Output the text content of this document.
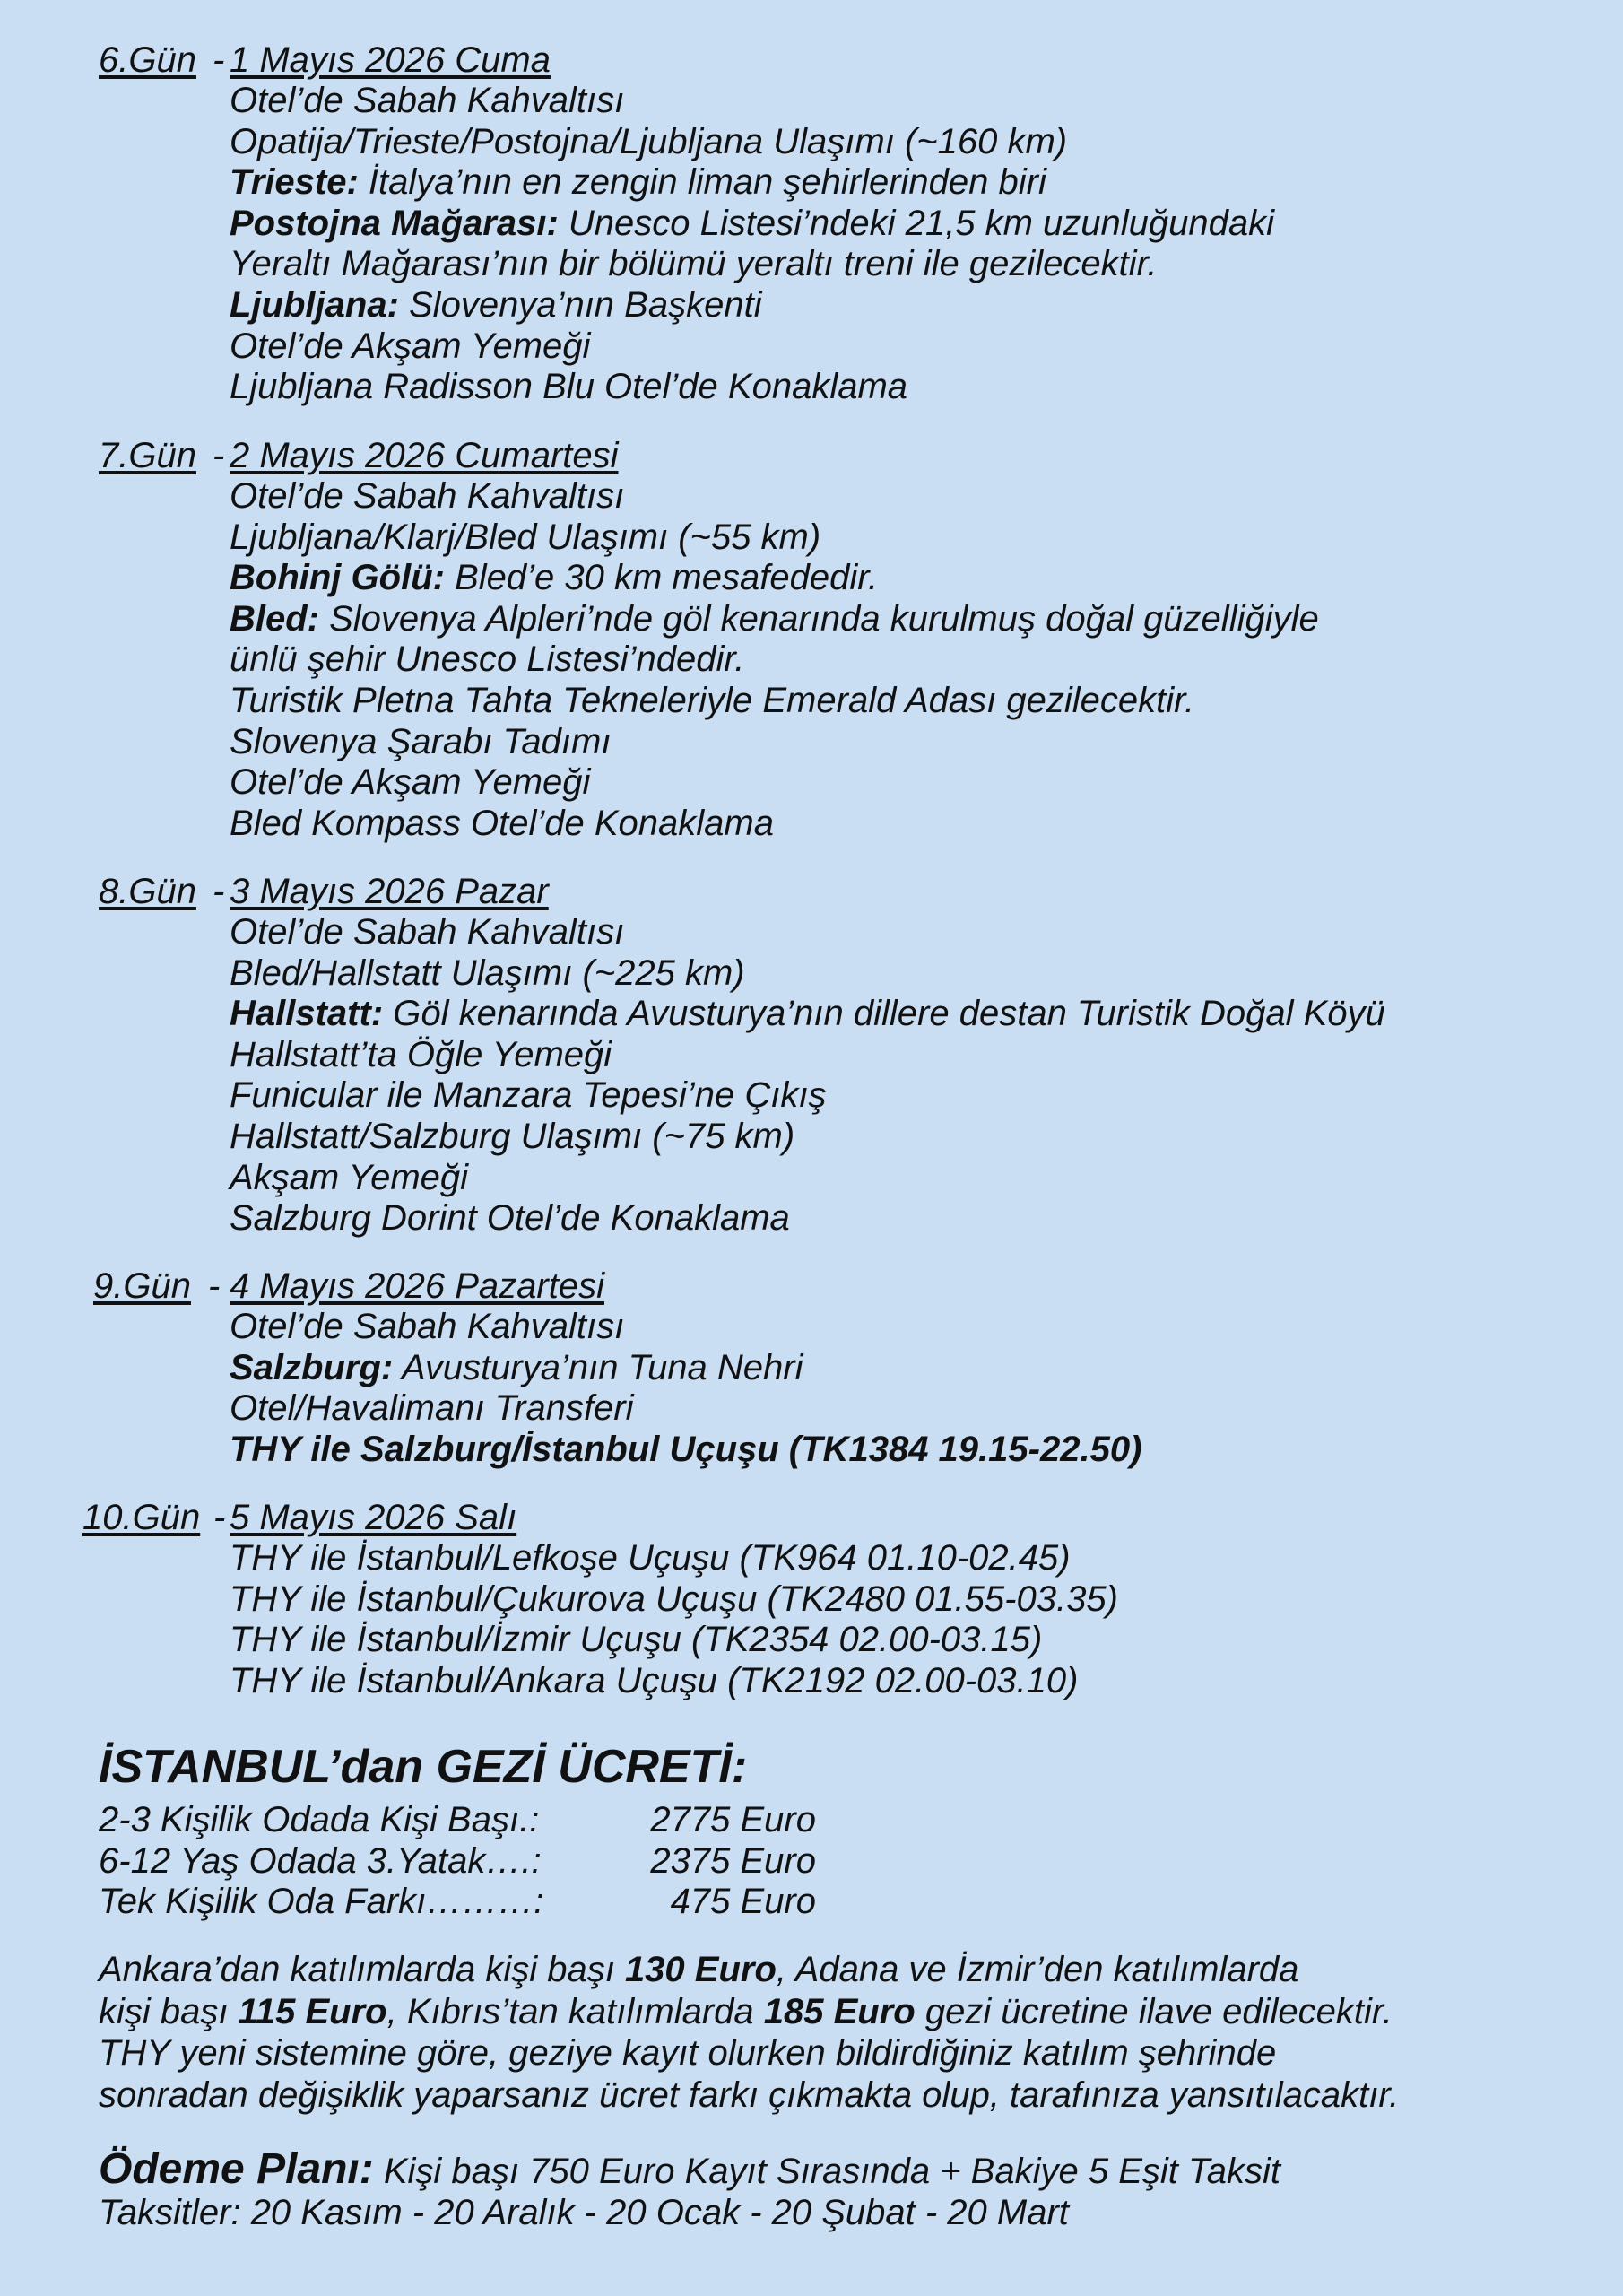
6.Gün - 1 Mayıs 2026 Cuma
Otel’de Sabah Kahvaltısı
Opatija/Trieste/Postojna/Ljubljana Ulaşımı (~160 km)
Trieste: İtalya’nın en zengin liman şehirlerinden biri
Postojna Mağarası: Unesco Listesi’ndeki 21,5 km uzunluğundaki
Yeraltı Mağarası’nın bir bölümü yeraltı treni ile gezilecektir.
Ljubljana: Slovenya’nın Başkenti
Otel’de Akşam Yemeği
Ljubljana Radisson Blu Otel’de Konaklama
7.Gün - 2 Mayıs 2026 Cumartesi
Otel’de Sabah Kahvaltısı
Ljubljana/Klarj/Bled Ulaşımı (~55 km)
Bohinj Gölü: Bled’e 30 km mesafededir.
Bled: Slovenya Alpleri’nde göl kenarında kurulmuş doğal güzelliğiyle
ünlü şehir Unesco Listesi’ndedir.
Turistik Pletna Tahta Tekneleriyle Emerald Adası gezilecektir.
Slovenya Şarabı Tadımı
Otel’de Akşam Yemeği
Bled Kompass Otel’de Konaklama
8.Gün - 3 Mayıs 2026 Pazar
Otel’de Sabah Kahvaltısı
Bled/Hallstatt Ulaşımı (~225 km)
Hallstatt: Göl kenarında Avusturya’nın dillere destan Turistik Doğal Köyü
Hallstatt’ta Öğle Yemeği
Funicular ile Manzara Tepesi’ne Çıkış
Hallstatt/Salzburg Ulaşımı (~75 km)
Akşam Yemeği
Salzburg Dorint Otel’de Konaklama
9.Gün - 4 Mayıs 2026 Pazartesi
Otel’de Sabah Kahvaltısı
Salzburg: Avusturya’nın Tuna Nehri
Otel/Havalimanı Transferi
THY ile Salzburg/İstanbul Uçuşu (TK1384 19.15-22.50)
10.Gün - 5 Mayıs 2026 Salı
THY ile İstanbul/Lefkoşe Uçuşu (TK964 01.10-02.45)
THY ile İstanbul/Çukurova Uçuşu (TK2480 01.55-03.35)
THY ile İstanbul/İzmir Uçuşu (TK2354 02.00-03.15)
THY ile İstanbul/Ankara Uçuşu (TK2192 02.00-03.10)
İSTANBUL’dan GEZİ ÜCRETİ:
2-3 Kişilik Odada Kişi Başı.:	2775 Euro
6-12 Yaş Odada 3.Yatak….:	2375 Euro
Tek Kişilik Oda Farkı………:	475 Euro
Ankara’dan katılımlarda kişi başı 130 Euro, Adana ve İzmir’den katılımlarda
kişi başı 115 Euro, Kıbrıs’tan katılımlarda 185 Euro gezi ücretine ilave edilecektir.
THY yeni sistemine göre, geziye kayıt olurken bildirdiğiniz katılım şehrinde
sonradan değişiklik yaparsanız ücret farkı çıkmakta olup, tarafınıza yansıtılacaktır.
Ödeme Planı: Kişi başı 750 Euro Kayıt Sırasında + Bakiye 5 Eşit Taksit
Taksitler: 20 Kasım - 20 Aralık - 20 Ocak - 20 Şubat - 20 Mart
